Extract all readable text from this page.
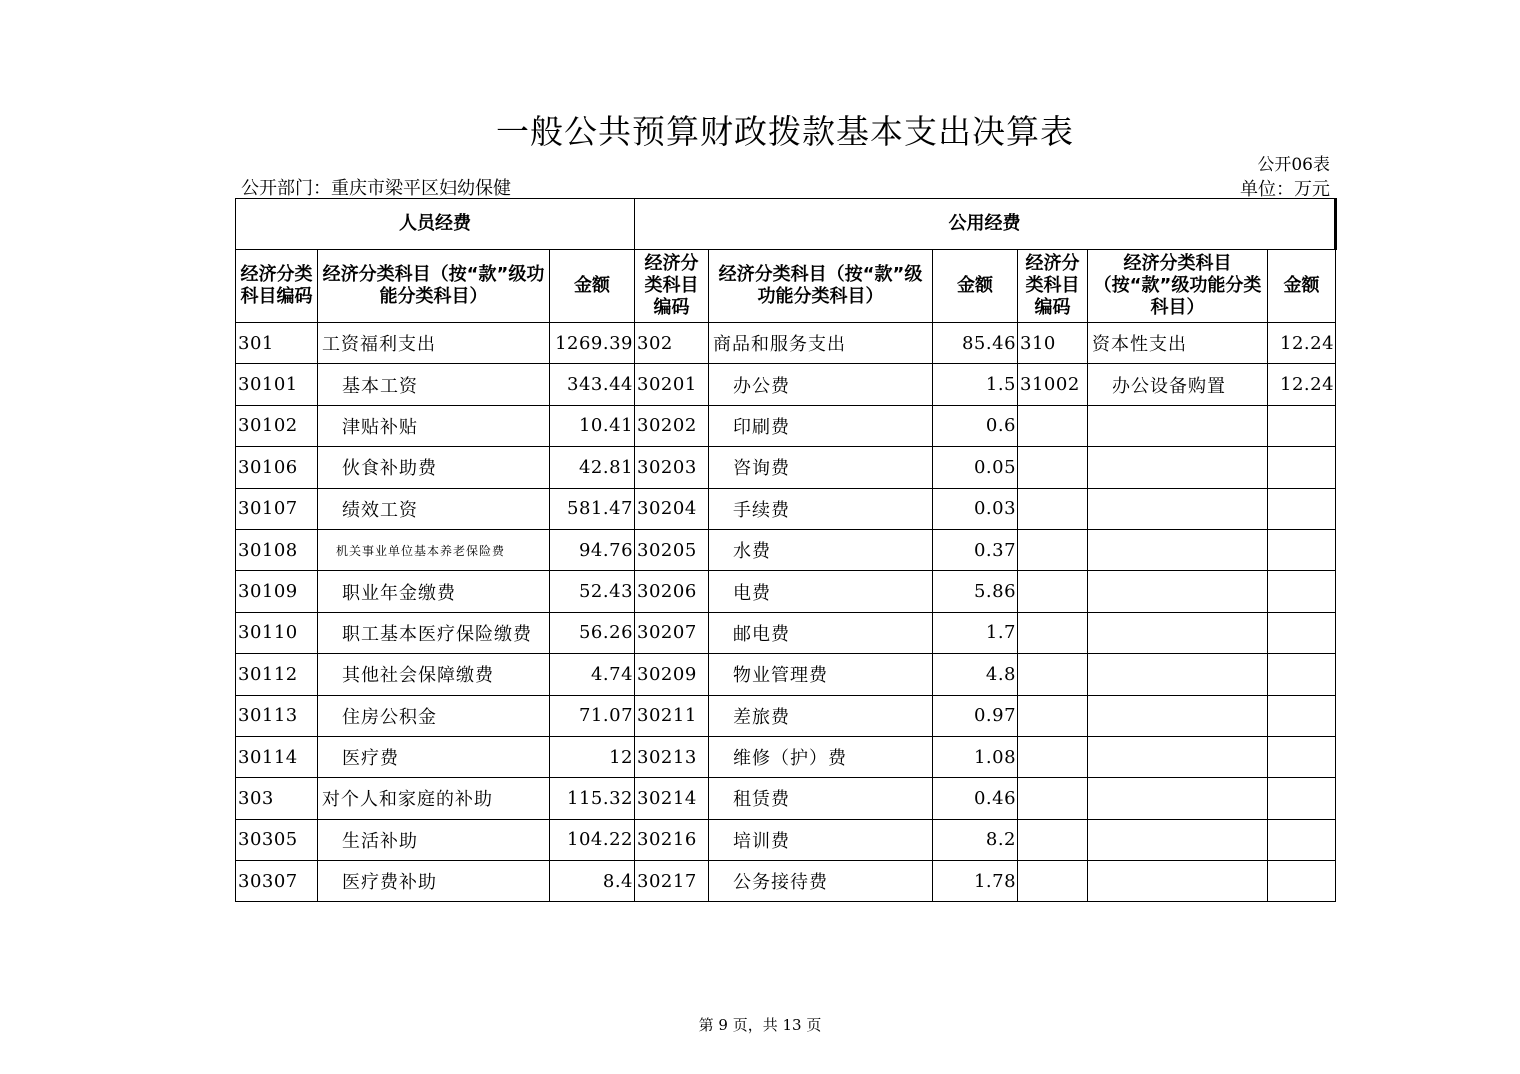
一般公共预算财政拨款基本支出决算表
公开06表
公开部门：重庆市梁平区妇幼保健	单位：万元
人员经费			公用经费					
经济分类科目编码	经济分类科目（按“款”级功能分类科目）	金额	经济分类科目编码	经济分类科目（按“款”级功能分类科目）	金额	经济分类科目编码	经济分类科目（按“款”级功能分类科目）	金额
301	工资福利支出	1269.39	302	商品和服务支出	85.46	310	资本性支出	12.24
30101	基本工资	343.44	30201	办公费	1.5	31002	办公设备购置	12.24
30102	津贴补贴	10.41	30202	印刷费	0.6			
30106	伙食补助费	42.81	30203	咨询费	0.05			
30107	绩效工资	581.47	30204	手续费	0.03			
30108	机关事业单位基本养老保险费	94.76	30205	水费	0.37			
30109	职业年金缴费	52.43	30206	电费	5.86			
30110	职工基本医疗保险缴费	56.26	30207	邮电费	1.7			
30112	其他社会保障缴费	4.74	30209	物业管理费	4.8			
30113	住房公积金	71.07	30211	差旅费	0.97			
30114	医疗费	12	30213	维修（护）费	1.08			
303	对个人和家庭的补助	115.32	30214	租赁费	0.46			
30305	生活补助	104.22	30216	培训费	8.2			
30307	医疗费补助	8.4	30217	公务接待费	1.78			
第 9 页，共 13 页
